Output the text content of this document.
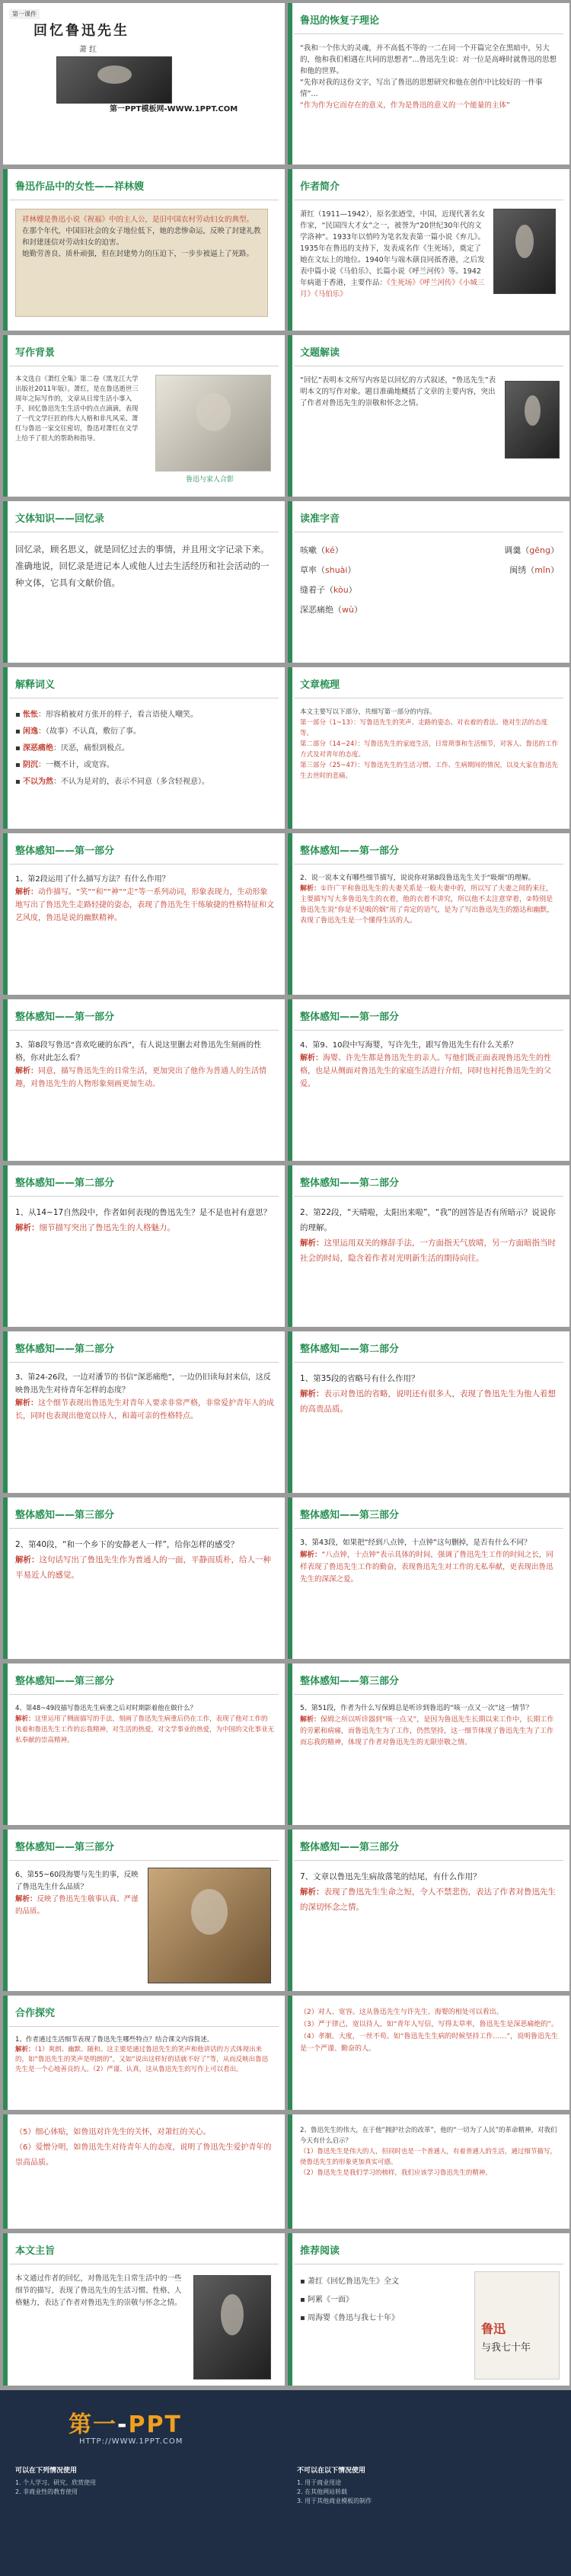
第一课件
回忆鲁迅先生
萧 红
第一PPT模板网-WWW.1PPT.COM
鲁迅的恢复子理论
“我和一个伟大的灵魂，并不高低不等的一二在同一个开篇完全在黑暗中，另大的，他和我们相遇在共同的思想者”...鲁迅先生说：对一位是高峰时就鲁迅的思想和他的世界。
“先你对我的这份文字，写出了鲁迅的思想研究和他在创作中比较好的一件事情”...
“作为作为它而存在的意义，作为是鲁迅的意义的一个能量的主体”
鲁迅作品中的女性——祥林嫂
祥林嫂是鲁迅小说《祝福》中的主人公，是旧中国农村劳动妇女的典型。
在那个年代，中国旧社会的女子地位低下，她的悲惨命运，反映了封建礼教和封建迷信对劳动妇女的迫害。
她勤劳善良、质朴顽强，但在封建势力的压迫下，一步步被逼上了死路。
作者简介
萧红（1911—1942），原名张迺莹，中国，近现代著名女作家，“民国四大才女”之一，被誉为“20世纪30年代的文学洛神”。1933年以悄吟为笔名发表第一篇小说《弃儿》。1935年在鲁迅的支持下，发表成名作《生死场》，奠定了她在文坛上的地位。1940年与端木蕻良同抵香港，之后发表中篇小说《马伯乐》、长篇小说《呼兰河传》等。1942年病逝于香港，主要作品：《生死场》《呼兰河传》《小城三月》《马伯乐》
写作背景
本文选自《萧红全集》第二卷（黑龙江大学出版社2011年版）。萧红，是在鲁迅逝世三周年之际写作的，文章从日常生活小事入手，回忆鲁迅先生生活中的点点滴滴，表现了一代文学巨匠的伟大人格和非凡风采。萧红与鲁迅一家交往密切，鲁迅对萧红在文学上给予了很大的帮助和指导。
鲁迅与家人合影
文题解读
“回忆”表明本文所写内容是以回忆的方式叙述，“鲁迅先生”表明本文的写作对象。题目准确地概括了文章的主要内容，突出了作者对鲁迅先生的崇敬和怀念之情。
文体知识——回忆录
回忆录，顾名思义，就是回忆过去的事情，并且用文字记录下来。准确地说，回忆录是进记本人或他人过去生活经历和社会活动的一种文体，它具有文献价值。
读准字音
咳嗽（ké）	调羹（gēng）
草率（shuài）	闽绣（mǐn）
缝着子（kòu）
深恶痛绝（wù）
解释词义
▪ 怅怅：形容稍被对方张开的样子，看言语使人嘲笑。
▪ 闲逸：（故事）不认真，敷衍了事。
▪ 深恶痛绝：厌恶，痛恨到极点。
▪ 阴沉：一概不计，或宽容。
▪ 不以为然：不认为是对的，表示不同意（多含轻视意）。
文章梳理
本文主要写以下部分，共细写第一部分的内容。
第一部分（1~13）：写鲁迅先生的笑声、走路的姿态、对衣着的看法、他对生活的态度等。
第二部分（14~24）：写鲁迅先生的家庭生活，日常琐事和生活细节，对客人、鲁迅的工作方式及对青年的态度。
第三部分（25~47）：写鲁迅先生的生活习惯、工作、生病期间的情况，以及大家在鲁迅先生去世时的悲痛。
整体感知——第一部分
1、第2段运用了什么描写方法？有什么作用？
解析：动作描写。“笑”“和”“神”“走”等一系列动词，形象表现力，生动形象地写出了鲁迅先生走路轻捷的姿态，表现了鲁迅先生干练敏捷的性格特征和文艺风度，鲁迅是说的幽默精神。
整体感知——第一部分
2、说一说本文有哪些细节描写，说说你对第8段鲁迅先生关于“吸烟”的理解。
解析：①许广平和鲁迅先生的夫妻关系是一般夫妻中的，所以写了夫妻之间的来往，主要描写写大多鲁迅先生的衣着，他的衣着不讲究，所以他不太注意穿着，②特别是鲁迅先生说“你是不是吸的烟”用了肯定的语气，是为了写出鲁迅先生的豁达和幽默，表现了鲁迅先生是一个懂得生活的人。
整体感知——第一部分
3、第8段写鲁迅“喜欢吃硬的东西”，有人说这里删去对鲁迅先生刻画的性格，你对此怎么看？
解析：同意，描写鲁迅先生的日常生活，更加突出了他作为普通人的生活情趣，对鲁迅先生的人物形象刻画更加生动。
整体感知——第一部分
4、第9、10段中写海婴，写许先生，跟写鲁迅先生有什么关系？
解析：海婴、许先生都是鲁迅先生的亲人。写他们既正面表现鲁迅先生的性格，也是从侧面对鲁迅先生的家庭生活进行介绍，同时也衬托鲁迅先生的父爱。
整体感知——第二部分
1、从14~17自然段中，作者如何表现的鲁迅先生？是不是也衬有意思？
解析：细节描写突出了鲁迅先生的人格魅力。
整体感知——第二部分
2、第22段，“天晴啦，太阳出来啦”，“我”的回答是否有所暗示？说说你的理解。
解析：这里运用双关的修辞手法，一方面指天气放晴，另一方面暗指当时社会的时局，隐含着作者对光明新生活的期待向往。
整体感知——第二部分
3、第24-26段，一边对潘节的书信“深恶痛绝”，一边仍旧读每封来信，这反映鲁迅先生对待青年怎样的态度？
解析：这个细节表现出鲁迅先生对青年人要求非常严格，非常爱护青年人的成长，同时也表现出他宽以待人，和蔼可亲的性格特点。
整体感知——第二部分
1、第35段的省略号有什么作用？
解析：表示对鲁迅的省略，说明还有很多人，表现了鲁迅先生为他人着想的高贵品质。
整体感知——第三部分
2、第40段，“和一个乡下的安静老人一样”，给你怎样的感受？
解析：这句话写出了鲁迅先生作为普通人的一面，平静而质朴，给人一种平易近人的感觉。
整体感知——第三部分
3、第43段，如果把“经到八点钟，十点钟”这句删掉，是否有什么不同？
解析：“八点钟，十点钟”表示具体的时间，强调了鲁迅先生工作的时间之长，同样表现了鲁迅先生工作的勤奋，表现鲁迅先生对工作的无私奉献，更表现出鲁迅先生的深深之爱。
整体感知——第三部分
4、第48~49段描写鲁迅先生病重之后对时期影着他在做什么？
解析：这里运用了侧面描写的手法，刻画了鲁迅先生病重后仍在工作，表现了他对工作的执着和鲁迅先生工作的忘我精神，对生活的热爱，对文学事业的热爱，为中国的文化事业无私奉献的崇高精神。
整体感知——第三部分
5、第51段，作者为什么写保姆总是听诊到鲁迅的“咳一点又一次”这一情节？
解析：保姆之所以听诊器到“咳一点又”，是因为鲁迅先生长期以来工作中，长期工作的劳累和病痛，而鲁迅先生为了工作，仍然坚持，这一细节体现了鲁迅先生为了工作而忘我的精神，体现了作者对鲁迅先生的无限崇敬之情。
整体感知——第三部分
6、第55~60段海婴与先生的事，反映了鲁迅先生什么品质？
解析：反映了鲁迅先生敬事认真、严谨的品质。
整体感知——第三部分
7、文章以鲁迅先生病故落笔的结尾，有什么作用？
解析：表现了鲁迅先生生命之短，令人不禁悲伤，表达了作者对鲁迅先生的深切怀念之情。
合作探究
1、作者通过生活细节表现了鲁迅先生哪些特点？结合课文内容简述。
解析：（1）爽朗、幽默、随和。这主要是通过鲁迅先生的笑声和他讲话的方式体现出来的，如“鲁迅先生的笑声是明朗的”，又如“说出这样好的话就不好了”等，从而反映出鲁迅先生是一个心地善良的人。（2）严谨、认真，这从鲁迅先生的写作上可以看出。
（2）对人、宽容。这从鲁迅先生与许先生、海婴的相处可以看出。
（3）严于律己，宽以待人，如“青年人写信，写得太草率，鲁迅先生是深恶痛绝的”。
（4）孝顺、大度，一丝不苟。如“鲁迅先生生病的时候坚持工作……”，说明鲁迅先生是一个严谨、勤奋的人。
（5）细心体贴，如鲁迅对许先生的关怀，对萧红的关心。
（6）爱憎分明，如鲁迅先生对待青年人的态度，说明了鲁迅先生爱护青年的崇高品质。
2、鲁迅先生的伟大，在于他“拥护社会的改革”，他的“一切为了人民”的革命精神，对我们今天有什么启示？
（1）鲁迅先生是伟大的人，但同时也是一个普通人，有着普通人的生活，通过细节描写，使鲁迅先生的形象更加真实可感。
（2）鲁迅先生是我们学习的榜样，我们应该学习鲁迅先生的精神。
本文主旨
本文通过作者的回忆，对鲁迅先生日常生活中的一些细节的描写，表现了鲁迅先生的生活习惯、性格、人格魅力，表达了作者对鲁迅先生的崇敬与怀念之情。
推荐阅读
▪ 萧红《回忆鲁迅先生》全文
▪ 阿累《一面》
▪ 周海婴《鲁迅与我七十年》
鲁迅
与我七十年
第一-PPT
HTTP://WWW.1PPT.COM
可以在下列情况使用
1. 个人学习、研究、欣赏使用
2. 非商业性的教育使用
不可以在以下情况使用
1. 用于商业用途
2. 在其他网站转载
3. 用于其他商业模板的制作
